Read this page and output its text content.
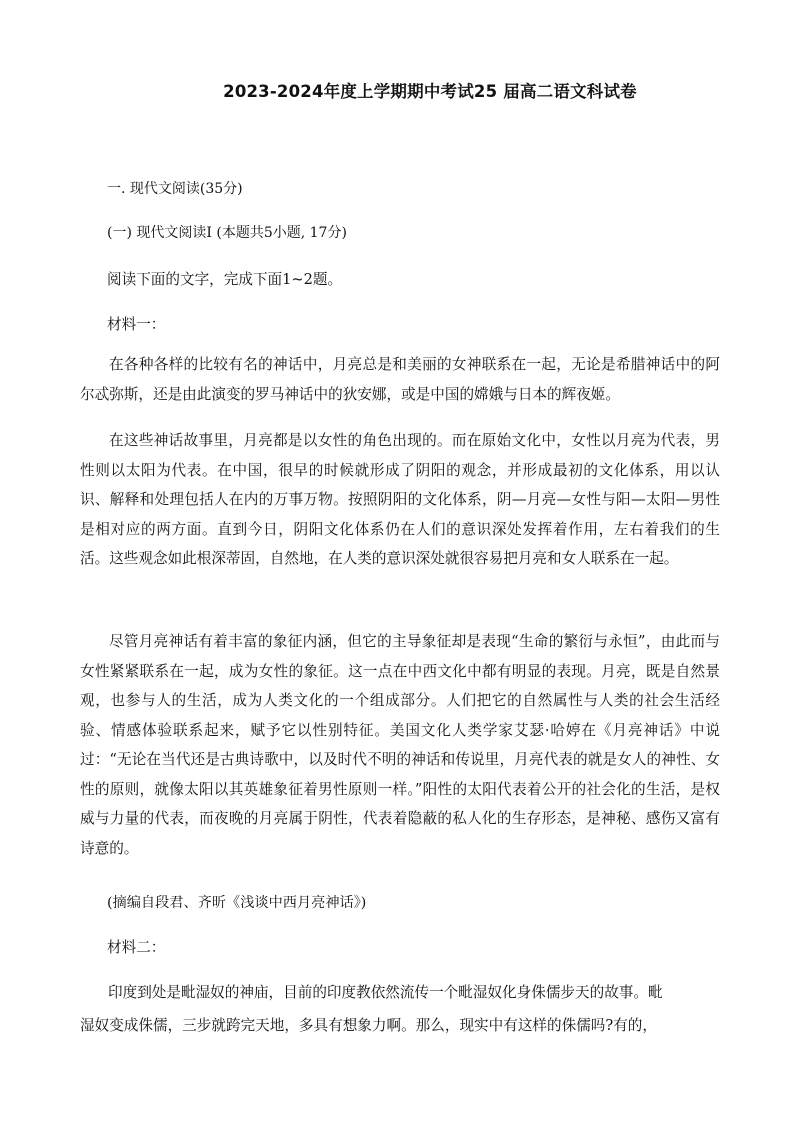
2023-2024年度上学期期中考试25 届高二语文科试卷
一. 现代文阅读(35分)
(一) 现代文阅读Ⅰ (本题共5小题, 17分)
阅读下面的文字，完成下面1~2题。
材料一：

在各种各样的比较有名的神话中，月亮总是和美丽的女神联系在一起，无论是希腊神话中的阿尔忒弥斯，还是由此演变的罗马神话中的狄安娜，或是中国的嫦娥与日本的辉夜姬。

在这些神话故事里，月亮都是以女性的角色出现的。而在原始文化中，女性以月亮为代表，男性则以太阳为代表。在中国，很早的时候就形成了阴阳的观念，并形成最初的文化体系，用以认识、解释和处理包括人在内的万事万物。按照阴阳的文化体系，阴—月亮—女性与阳—太阳—男性是相对应的两方面。直到今日，阴阳文化体系仍在人们的意识深处发挥着作用，左右着我们的生活。这些观念如此根深蒂固，自然地，在人类的意识深处就很容易把月亮和女人联系在一起。

尽管月亮神话有着丰富的象征内涵，但它的主导象征却是表现“生命的繁衍与永恒”，由此而与女性紧紧联系在一起，成为女性的象征。这一点在中西文化中都有明显的表现。月亮，既是自然景观，也参与人的生活，成为人类文化的一个组成部分。人们把它的自然属性与人类的社会生活经验、情感体验联系起来，赋予它以性别特征。美国文化人类学家艾瑟·哈婷在《月亮神话》中说过：“无论在当代还是古典诗歌中，以及时代不明的神话和传说里，月亮代表的就是女人的神性、女性的原则，就像太阳以其英雄象征着男性原则一样。”阳性的太阳代表着公开的社会化的生活，是权威与力量的代表，而夜晚的月亮属于阴性，代表着隐蔽的私人化的生存形态，是神秘、感伤又富有诗意的。

(摘编自段君、齐昕《浅谈中西月亮神话》)
材料二：
印度到处是毗湿奴的神庙，目前的印度教依然流传一个毗湿奴化身侏儒步天的故事。毗
湿奴变成侏儒，三步就跨完天地，多具有想象力啊。那么，现实中有这样的侏儒吗?有的，
